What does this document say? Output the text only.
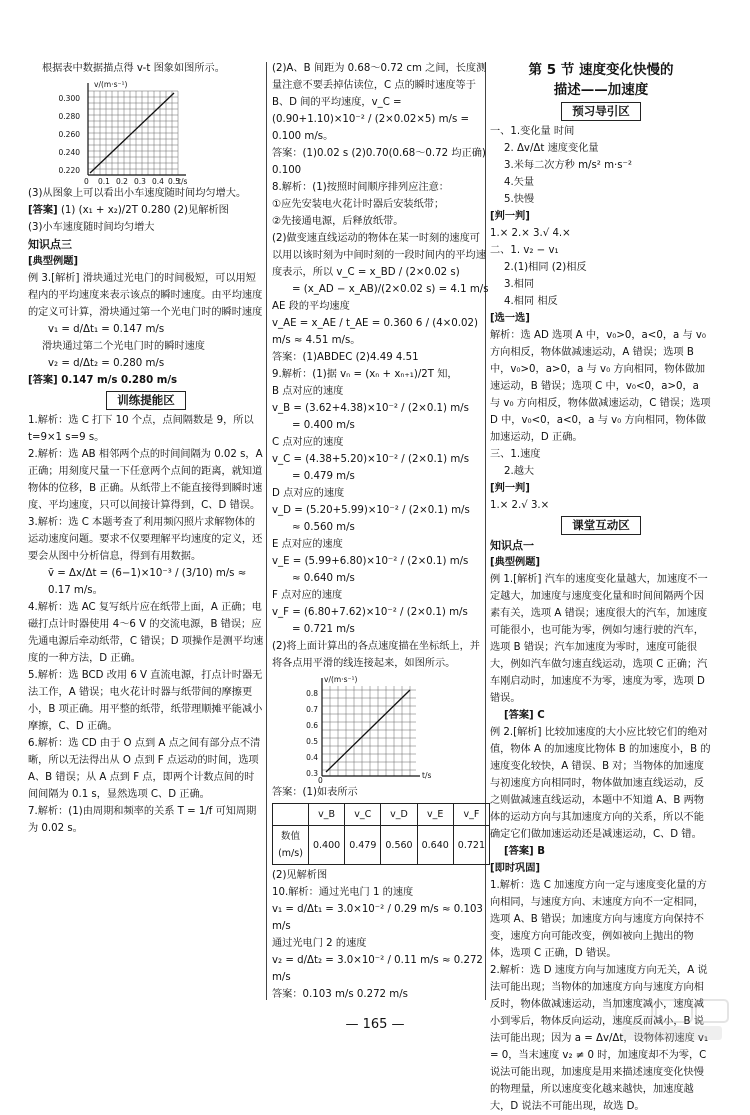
根据表中数据描点得 v-t 图象如图所示。

v/(m·s⁻¹)
0.300
0.280
0.260
0.240
0.220
0 0.1 0.2 0.3 0.4 0.5
t/s

(3)从图象上可以看出小车速度随时间均匀增大。

[答案] (1) (x₁ + x₂)/2T 0.280 (2)见解析图

(3)小车速度随时间均匀增大

知识点三

[典型例题]

例 3.[解析] 滑块通过光电门的时间极短，可以用短程内的平均速度来表示该点的瞬时速度。由平均速度的定义可计算，滑块通过第一个光电门时的瞬时速度

v₁ = d/Δt₁ = 0.147 m/s

滑块通过第二个光电门时的瞬时速度

v₂ = d/Δt₂ = 0.280 m/s

[答案] 0.147 m/s 0.280 m/s

训练提能区

1.解析：选 C 打下 10 个点，点间隔数是 9，所以 t=9×1 s=9 s。

2.解析：选 AB 相邻两个点的时间间隔为 0.02 s，A 正确；用刻度尺量一下任意两个点间的距离，就知道物体的位移，B 正确。从纸带上不能直接得到瞬时速度、平均速度，只可以间接计算得到，C、D 错误。

3.解析：选 C 本题考查了利用频闪照片求解物体的运动速度问题。要求不仅要理解平均速度的定义，还要会从图中分析信息，得到有用数据。

v̄ = Δx/Δt = (6−1)×10⁻³ / (3/10) m/s ≈ 0.17 m/s。

4.解析：选 AC 复写纸片应在纸带上面，A 正确；电磁打点计时器使用 4～6 V 的交流电源，B 错误；应先通电源后牵动纸带，C 错误；D 项操作是测平均速度的一种方法，D 正确。

5.解析：选 BCD 改用 6 V 直流电源，打点计时器无法工作，A 错误；电火花计时器与纸带间的摩擦更小，B 项正确。用平整的纸带，纸带理顺摊平能减小摩擦，C、D 正确。

6.解析：选 CD 由于 O 点到 A 点之间有部分点不清晰，所以无法得出从 O 点到 F 点运动的时间，选项 A、B 错误；从 A 点到 F 点，即两个计数点间的时间间隔为 0.1 s，显然选项 C、D 正确。

7.解析：(1)由周期和频率的关系 T = 1/f 可知周期为 0.02 s。

(2)A、B 间距为 0.68～0.72 cm 之间，长度测量注意不要丢掉估读位，C 点的瞬时速度等于 B、D 间的平均速度，v_C = (0.90+1.10)×10⁻² / (2×0.02×5) m/s = 0.100 m/s。

答案：(1)0.02 s (2)0.70(0.68～0.72 均正确) 0.100

8.解析：(1)按照时间顺序排列应注意：

①应先安装电火花计时器后安装纸带；

②先接通电源，后释放纸带。

(2)做变速直线运动的物体在某一时刻的速度可以用以该时刻为中间时刻的一段时间内的平均速度表示，所以 v_C = x_BD / (2×0.02 s)

= (x_AD − x_AB)/(2×0.02 s) = 4.1 m/s

AE 段的平均速度

v_AE = x_AE / t_AE = 0.360 6 / (4×0.02) m/s ≈ 4.51 m/s。

答案：(1)ABDEC (2)4.49 4.51

9.解析：(1)据 vₙ = (xₙ + xₙ₊₁)/2T 知，

B 点对应的速度

v_B = (3.62+4.38)×10⁻² / (2×0.1) m/s

= 0.400 m/s

C 点对应的速度

v_C = (4.38+5.20)×10⁻² / (2×0.1) m/s

= 0.479 m/s

D 点对应的速度

v_D = (5.20+5.99)×10⁻² / (2×0.1) m/s

≈ 0.560 m/s

E 点对应的速度

v_E = (5.99+6.80)×10⁻² / (2×0.1) m/s

≈ 0.640 m/s

F 点对应的速度

v_F = (6.80+7.62)×10⁻² / (2×0.1) m/s

= 0.721 m/s

(2)将上面计算出的各点速度描在坐标纸上，并将各点用平滑的线连接起来，如图所示。

v/(m·s⁻¹)
0.8
0.7
0.6
0.5
0.4
0.3
0
t/s

答案：(1)如表所示

	v_B	v_C	v_D	v_E	v_F
数值 (m/s)	0.400	0.479	0.560	0.640	0.721

(2)见解析图

10.解析：通过光电门 1 的速度

v₁ = d/Δt₁ = 3.0×10⁻² / 0.29 m/s ≈ 0.103 m/s

通过光电门 2 的速度

v₂ = d/Δt₂ = 3.0×10⁻² / 0.11 m/s ≈ 0.272 m/s

答案：0.103 m/s 0.272 m/s

第 5 节 速度变化快慢的

描述——加速度

预习导引区

一、1.变化量 时间

2. Δv/Δt 速度变化量

3.米每二次方秒 m/s² m·s⁻²

4.矢量

5.快慢

[判一判]

1.× 2.× 3.√ 4.×

二、1. v₂ − v₁

2.(1)相同 (2)相反

3.相同

4.相同 相反

[选一选]

解析：选 AD 选项 A 中，v₀>0，a<0，a 与 v₀ 方向相反，物体做减速运动，A 错误；选项 B 中，v₀>0，a>0，a 与 v₀ 方向相同，物体做加速运动，B 错误；选项 C 中，v₀<0，a>0，a 与 v₀ 方向相反，物体做减速运动，C 错误；选项 D 中，v₀<0，a<0，a 与 v₀ 方向相同，物体做加速运动，D 正确。

三、1.速度

2.越大

[判一判]

1.× 2.√ 3.×

课堂互动区

知识点一

[典型例题]

例 1.[解析] 汽车的速度变化量越大，加速度不一定越大，加速度与速度变化量和时间间隔两个因素有关，选项 A 错误；速度很大的汽车，加速度可能很小，也可能为零，例如匀速行驶的汽车，选项 B 错误；汽车加速度为零时，速度可能很大，例如汽车做匀速直线运动，选项 C 正确；汽车刚启动时，加速度不为零，速度为零，选项 D 错误。

[答案] C

例 2.[解析] 比较加速度的大小应比较它们的绝对值，物体 A 的加速度比物体 B 的加速度小，B 的速度变化较快，A 错误、B 对；当物体的加速度与初速度方向相同时，物体做加速直线运动，反之则做减速直线运动，本题中不知道 A、B 两物体的运动方向与其加速度方向的关系，所以不能确定它们做加速运动还是减速运动，C、D 错。

[答案] B

[即时巩固]

1.解析：选 C 加速度方向一定与速度变化量的方向相同，与速度方向、末速度方向不一定相同，选项 A、B 错误；加速度方向与速度方向保持不变，速度方向可能改变，例如被向上抛出的物体，选项 C 正确，D 错误。

2.解析：选 D 速度方向与加速度方向无关，A 说法可能出现；当物体的加速度方向与速度方向相反时，物体做减速运动，当加速度减小，速度减小到零后，物体反向运动，速度反而减小，B 说法可能出现；因为 a = Δv/Δt，设物体初速度 v₁ = 0，当末速度 v₂ ≠ 0 时，加速度却不为零，C 说法可能出现，加速度是用来描述速度变化快慢的物理量，所以速度变化越来越快，加速度越大，D 说法不可能出现，故选 D。

— 165 —
